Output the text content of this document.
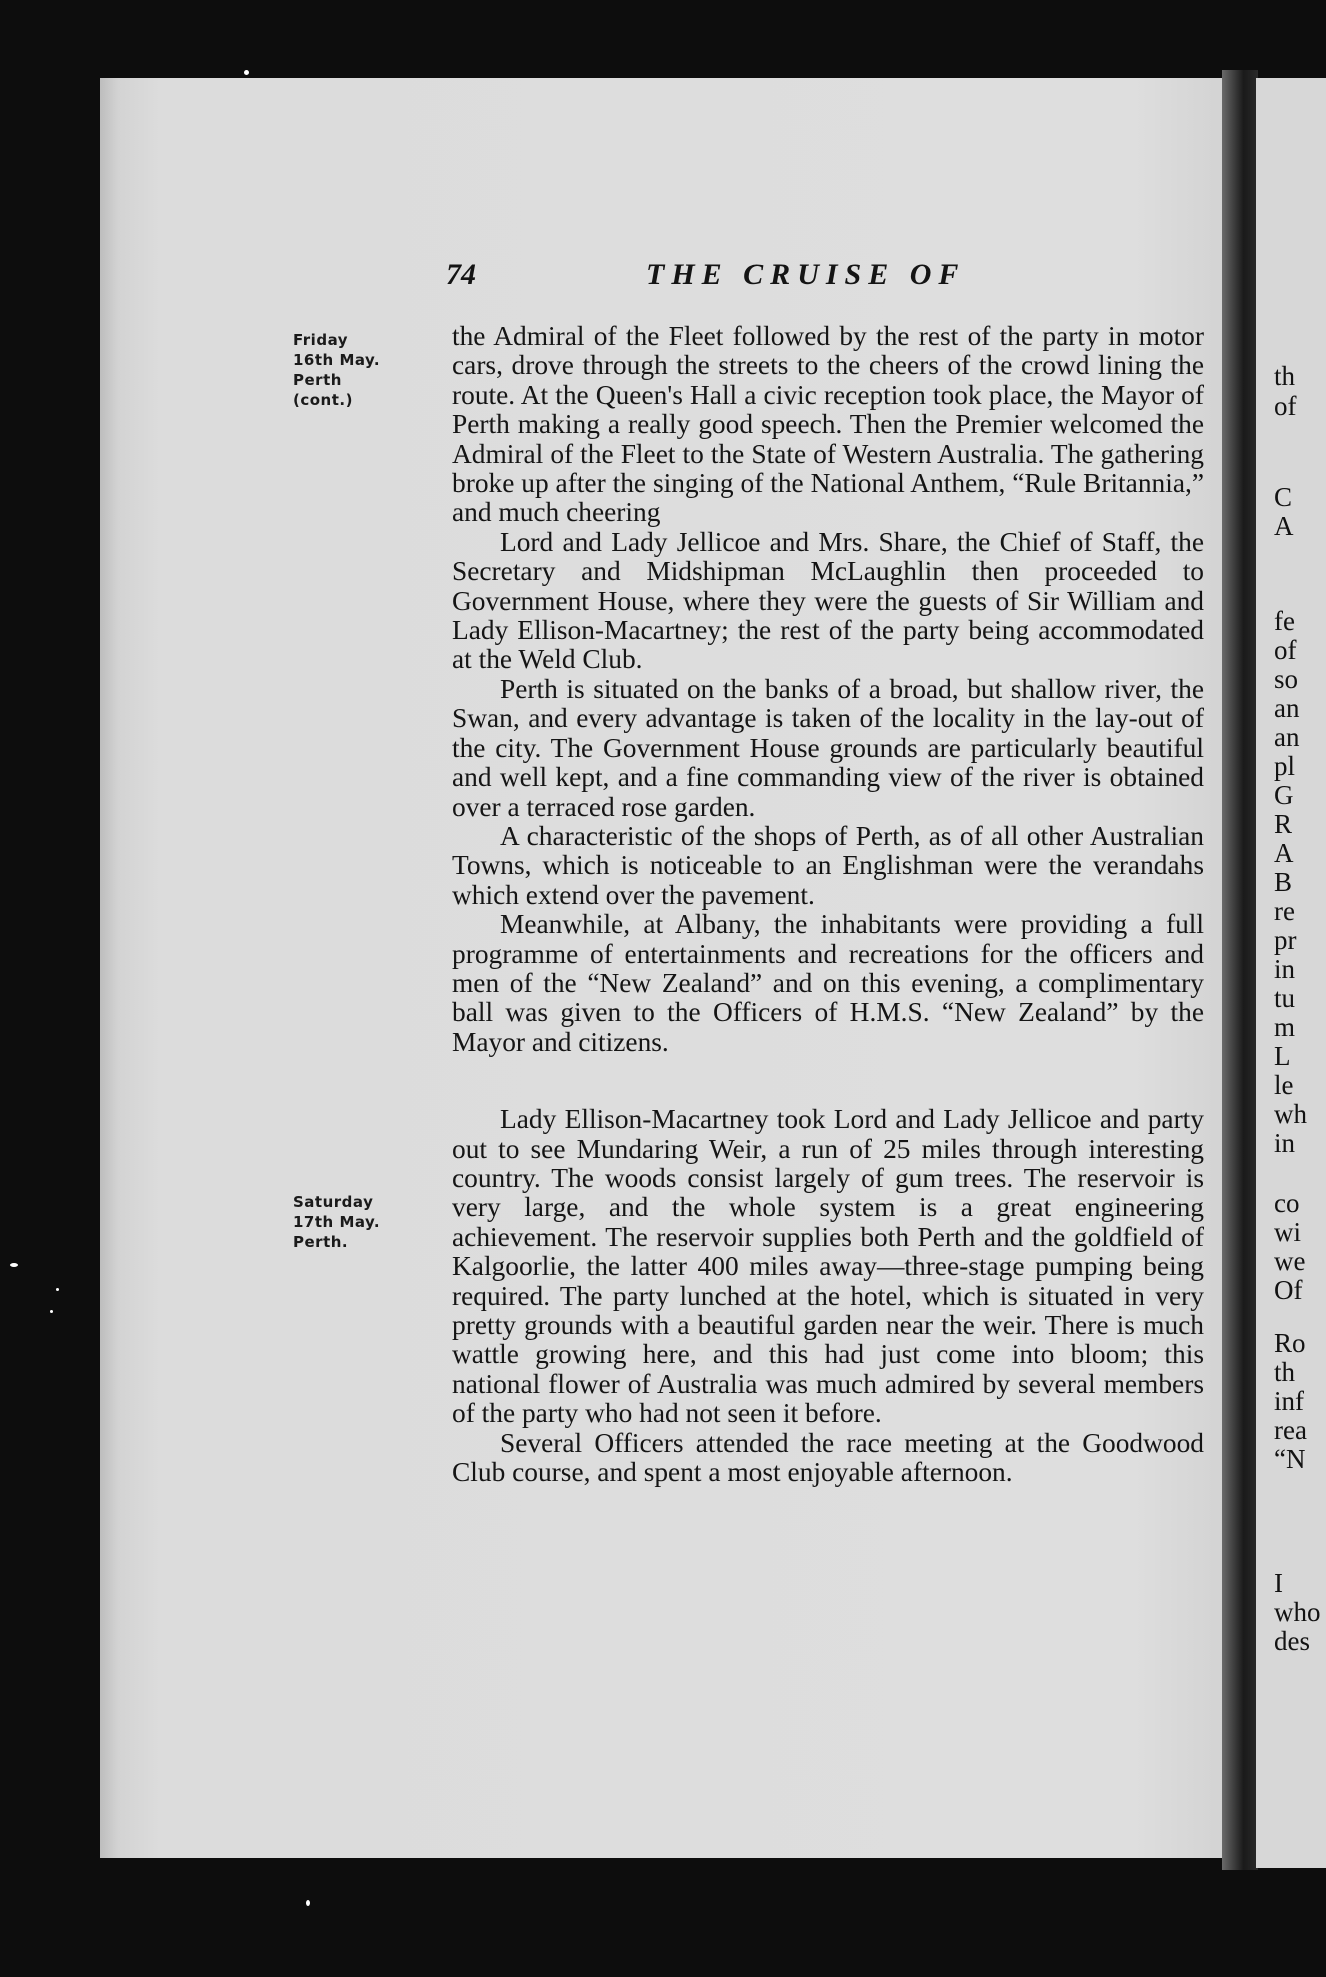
th
of
C
A
fe
of
so
an
an
pl
G
R
A
B
re
pr
in
tu
m
L
le
wh
in
co
wi
we
Of
Ro
th
inf
rea
“N
I
who
des
74	THE CRUISE OF
Friday
16th May.
Perth
(cont.)
Saturday
17th May.
Perth.

the Admiral of the Fleet followed by the rest of the party in motor cars, drove through the streets to the cheers of the crowd lining the route. At the Queen's Hall a civic reception took place, the Mayor of Perth making a really good speech. Then the Premier welcomed the Admiral of the Fleet to the State of Western Australia. The gathering broke up after the singing of the National Anthem, “Rule Britannia,” and much cheering

Lord and Lady Jellicoe and Mrs. Share, the Chief of Staff, the Secretary and Midshipman McLaughlin then proceeded to Government House, where they were the guests of Sir William and Lady Ellison-Macartney; the rest of the party being accommodated at the Weld Club.

Perth is situated on the banks of a broad, but shallow river, the Swan, and every advantage is taken of the locality in the lay-out of the city. The Government House grounds are particularly beautiful and well kept, and a fine commanding view of the river is obtained over a terraced rose garden.

A characteristic of the shops of Perth, as of all other Australian Towns, which is noticeable to an Englishman were the verandahs which extend over the pavement.

Meanwhile, at Albany, the inhabitants were providing a full programme of entertainments and recreations for the officers and men of the “New Zealand” and on this evening, a complimentary ball was given to the Officers of H.M.S. “New Zealand” by the Mayor and citizens.

Lady Ellison-Macartney took Lord and Lady Jellicoe and party out to see Mundaring Weir, a run of 25 miles through interesting country. The woods consist largely of gum trees. The reservoir is very large, and the whole system is a great engineering achievement. The reservoir supplies both Perth and the goldfield of Kalgoorlie, the latter 400 miles away—three-stage pumping being required. The party lunched at the hotel, which is situated in very pretty grounds with a beautiful garden near the weir. There is much wattle growing here, and this had just come into bloom; this national flower of Australia was much admired by several members of the party who had not seen it before.

Several Officers attended the race meeting at the Goodwood Club course, and spent a most enjoyable afternoon.
